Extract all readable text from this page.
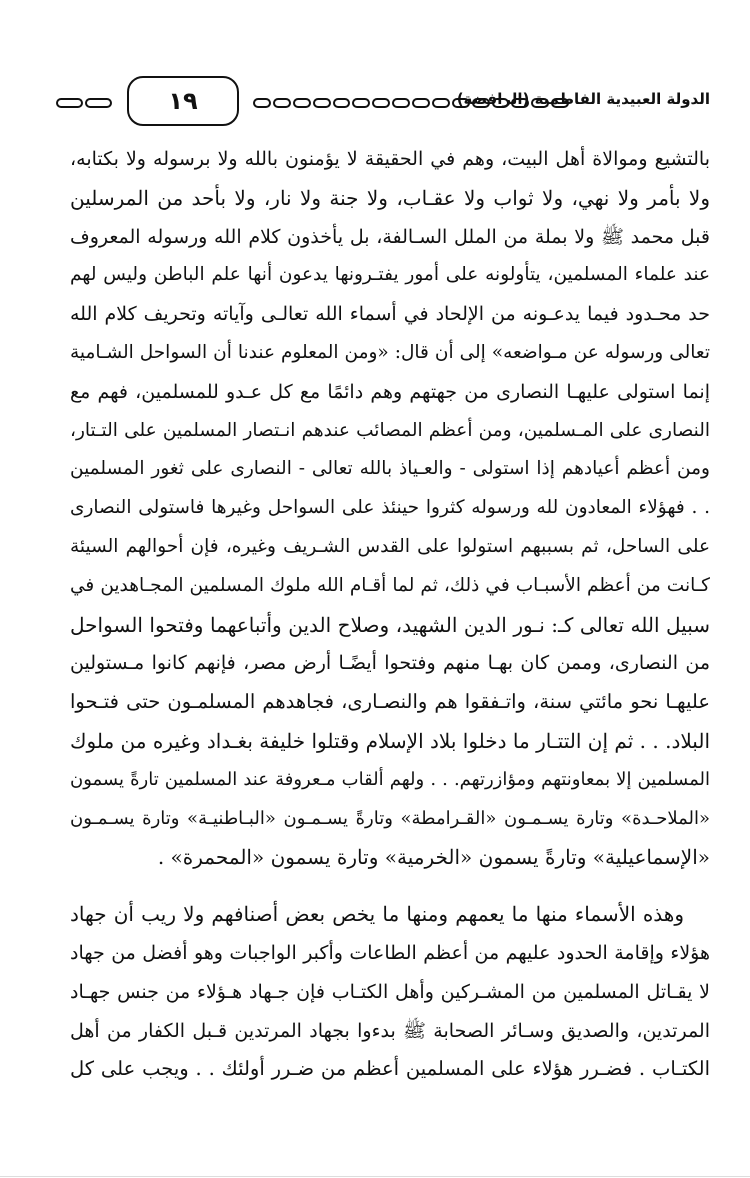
١٩	الدولة العبيدية الفاطمية (الرافضة)
بالتشيع وموالاة أهل البيت، وهم في الحقيقة لا يؤمنون بالله ولا برسوله ولا بكتابه،
ولا بأمر ولا نهي، ولا ثواب ولا عقـاب، ولا جنة ولا نار، ولا بأحد من المرسلين
قبل محمد ﷺ ولا بملة من الملل السـالفة، بل يأخذون كلام الله ورسوله المعروف
عند علماء المسلمين، يتأولونه على أمور يفتـرونها يدعون أنها علم الباطن وليس لهم
حد محـدود فيما يدعـونه من الإلحاد في أسماء الله تعالـى وآياته وتحريف كلام الله
تعالى ورسوله عن مـواضعه» إلى أن قال: «ومن المعلوم عندنا أن السواحل الشـامية
إنما استولى عليهـا النصارى من جهتهم وهم دائمًا مع كل عـدو للمسلمين، فهم مع
النصارى على المـسلمين، ومن أعظم المصائب عندهم انـتصار المسلمين على التـتار،
ومن أعظم أعيادهم إذا استولى - والعـياذ بالله تعالى - النصارى على ثغور المسلمين
. . فهؤلاء المعادون لله ورسوله كثروا حينئذ على السواحل وغيرها فاستولى النصارى
على الساحل، ثم بسببهم استولوا على القدس الشـريف وغيره، فإن أحوالهم السيئة
كـانت من أعظم الأسبـاب في ذلك، ثم لما أقـام الله ملوك المسلمين المجـاهدين في
سبيل الله تعالى كـ: نـور الدين الشهيد، وصلاح الدين وأتباعهما وفتحوا السواحل
من النصارى، وممن كان بهـا منهم وفتحوا أيضًـا أرض مصر، فإنهم كانوا مـستولين
عليهـا نحو مائتي سنة، واتـفقوا هم والنصـارى، فجاهدهم المسلمـون حتى فتـحوا
البلاد. . . ثم إن التتـار ما دخلوا بلاد الإسلام وقتلوا خليفة بغـداد وغيره من ملوك
المسلمين إلا بمعاونتهم ومؤازرتهم. . . ولهم ألقاب مـعروفة عند المسلمين تارةً يسمون
«الملاحـدة» وتارة يسـمـون «القـرامطة» وتارةً يسـمـون «البـاطنيـة» وتارة يسـمـون
«الإسماعيلية» وتارةً يسمون «الخرمية» وتارة يسمون «المحمرة» .
وهذه الأسماء منها ما يعمهم ومنها ما يخص بعض أصنافهم ولا ريب أن جهاد
هؤلاء وإقامة الحدود عليهم من أعظم الطاعات وأكبر الواجبات وهو أفضل من جهاد
لا يقـاتل المسلمين من المشـركين وأهل الكتـاب فإن جـهاد هـؤلاء من جنس جهـاد
المرتدين، والصديق وسـائر الصحابة ﷺ بدءوا بجهاد المرتدين قـبل الكفار من أهل
الكتـاب . فضـرر هؤلاء على المسلمين أعظم من ضـرر أولئك . . ويجب على كل
